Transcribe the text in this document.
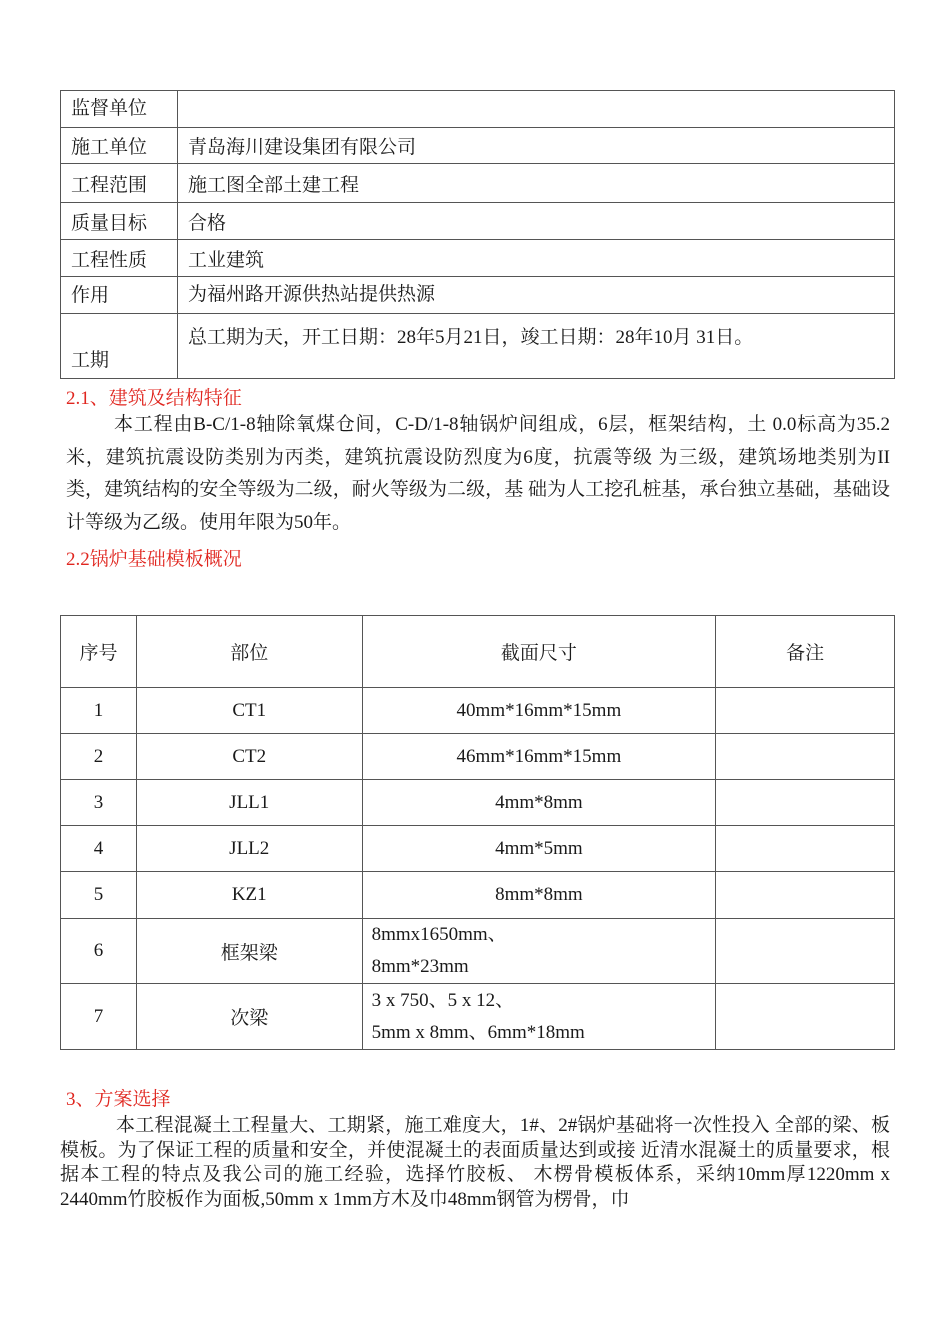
监督单位	
施工单位	青岛海川建设集团有限公司
工程范围	施工图全部土建工程
质量目标	合格
工程性质	工业建筑
作用	为福州路开源供热站提供热源
工期	总工期为天，开工日期：28年5月21日，竣工日期：28年10月 31日。
2.1、建筑及结构特征

本工程由B-C/1-8轴除氧煤仓间，C-D/1-8轴锅炉间组成，6层，框架结构，土 0.0标高为35.2米，建筑抗震设防类别为丙类，建筑抗震设防烈度为6度，抗震等级 为三级，建筑场地类别为II类，建筑结构的安全等级为二级，耐火等级为二级，基 础为人工挖孔桩基，承台独立基础，基础设计等级为乙级。使用年限为50年。

2.2锅炉基础模板概况
序号	部位	截面尺寸	备注
1	CT1	40mm*16mm*15mm	
2	CT2	46mm*16mm*15mm	
3	JLL1	4mm*8mm	
4	JLL2	4mm*5mm	
5	KZ1	8mm*8mm	
6	框架梁	8mmx1650mm、
8mm*23mm	

7	次梁	3 x 750、5 x 12、
5mm x 8mm、6mm*18mm	

3、方案选择

本工程混凝土工程量大、工期紧，施工难度大，1#、2#锅炉基础将一次性投入 全部的梁、板模板。为了保证工程的质量和安全，并使混凝土的表面质量达到或接 近清水混凝土的质量要求，根据本工程的特点及我公司的施工经验，选择竹胶板、 木楞骨模板体系，采纳10mm厚1220mm x 2440mm竹胶板作为面板,50mm x 1mm方木及巾48mm钢管为楞骨，巾
